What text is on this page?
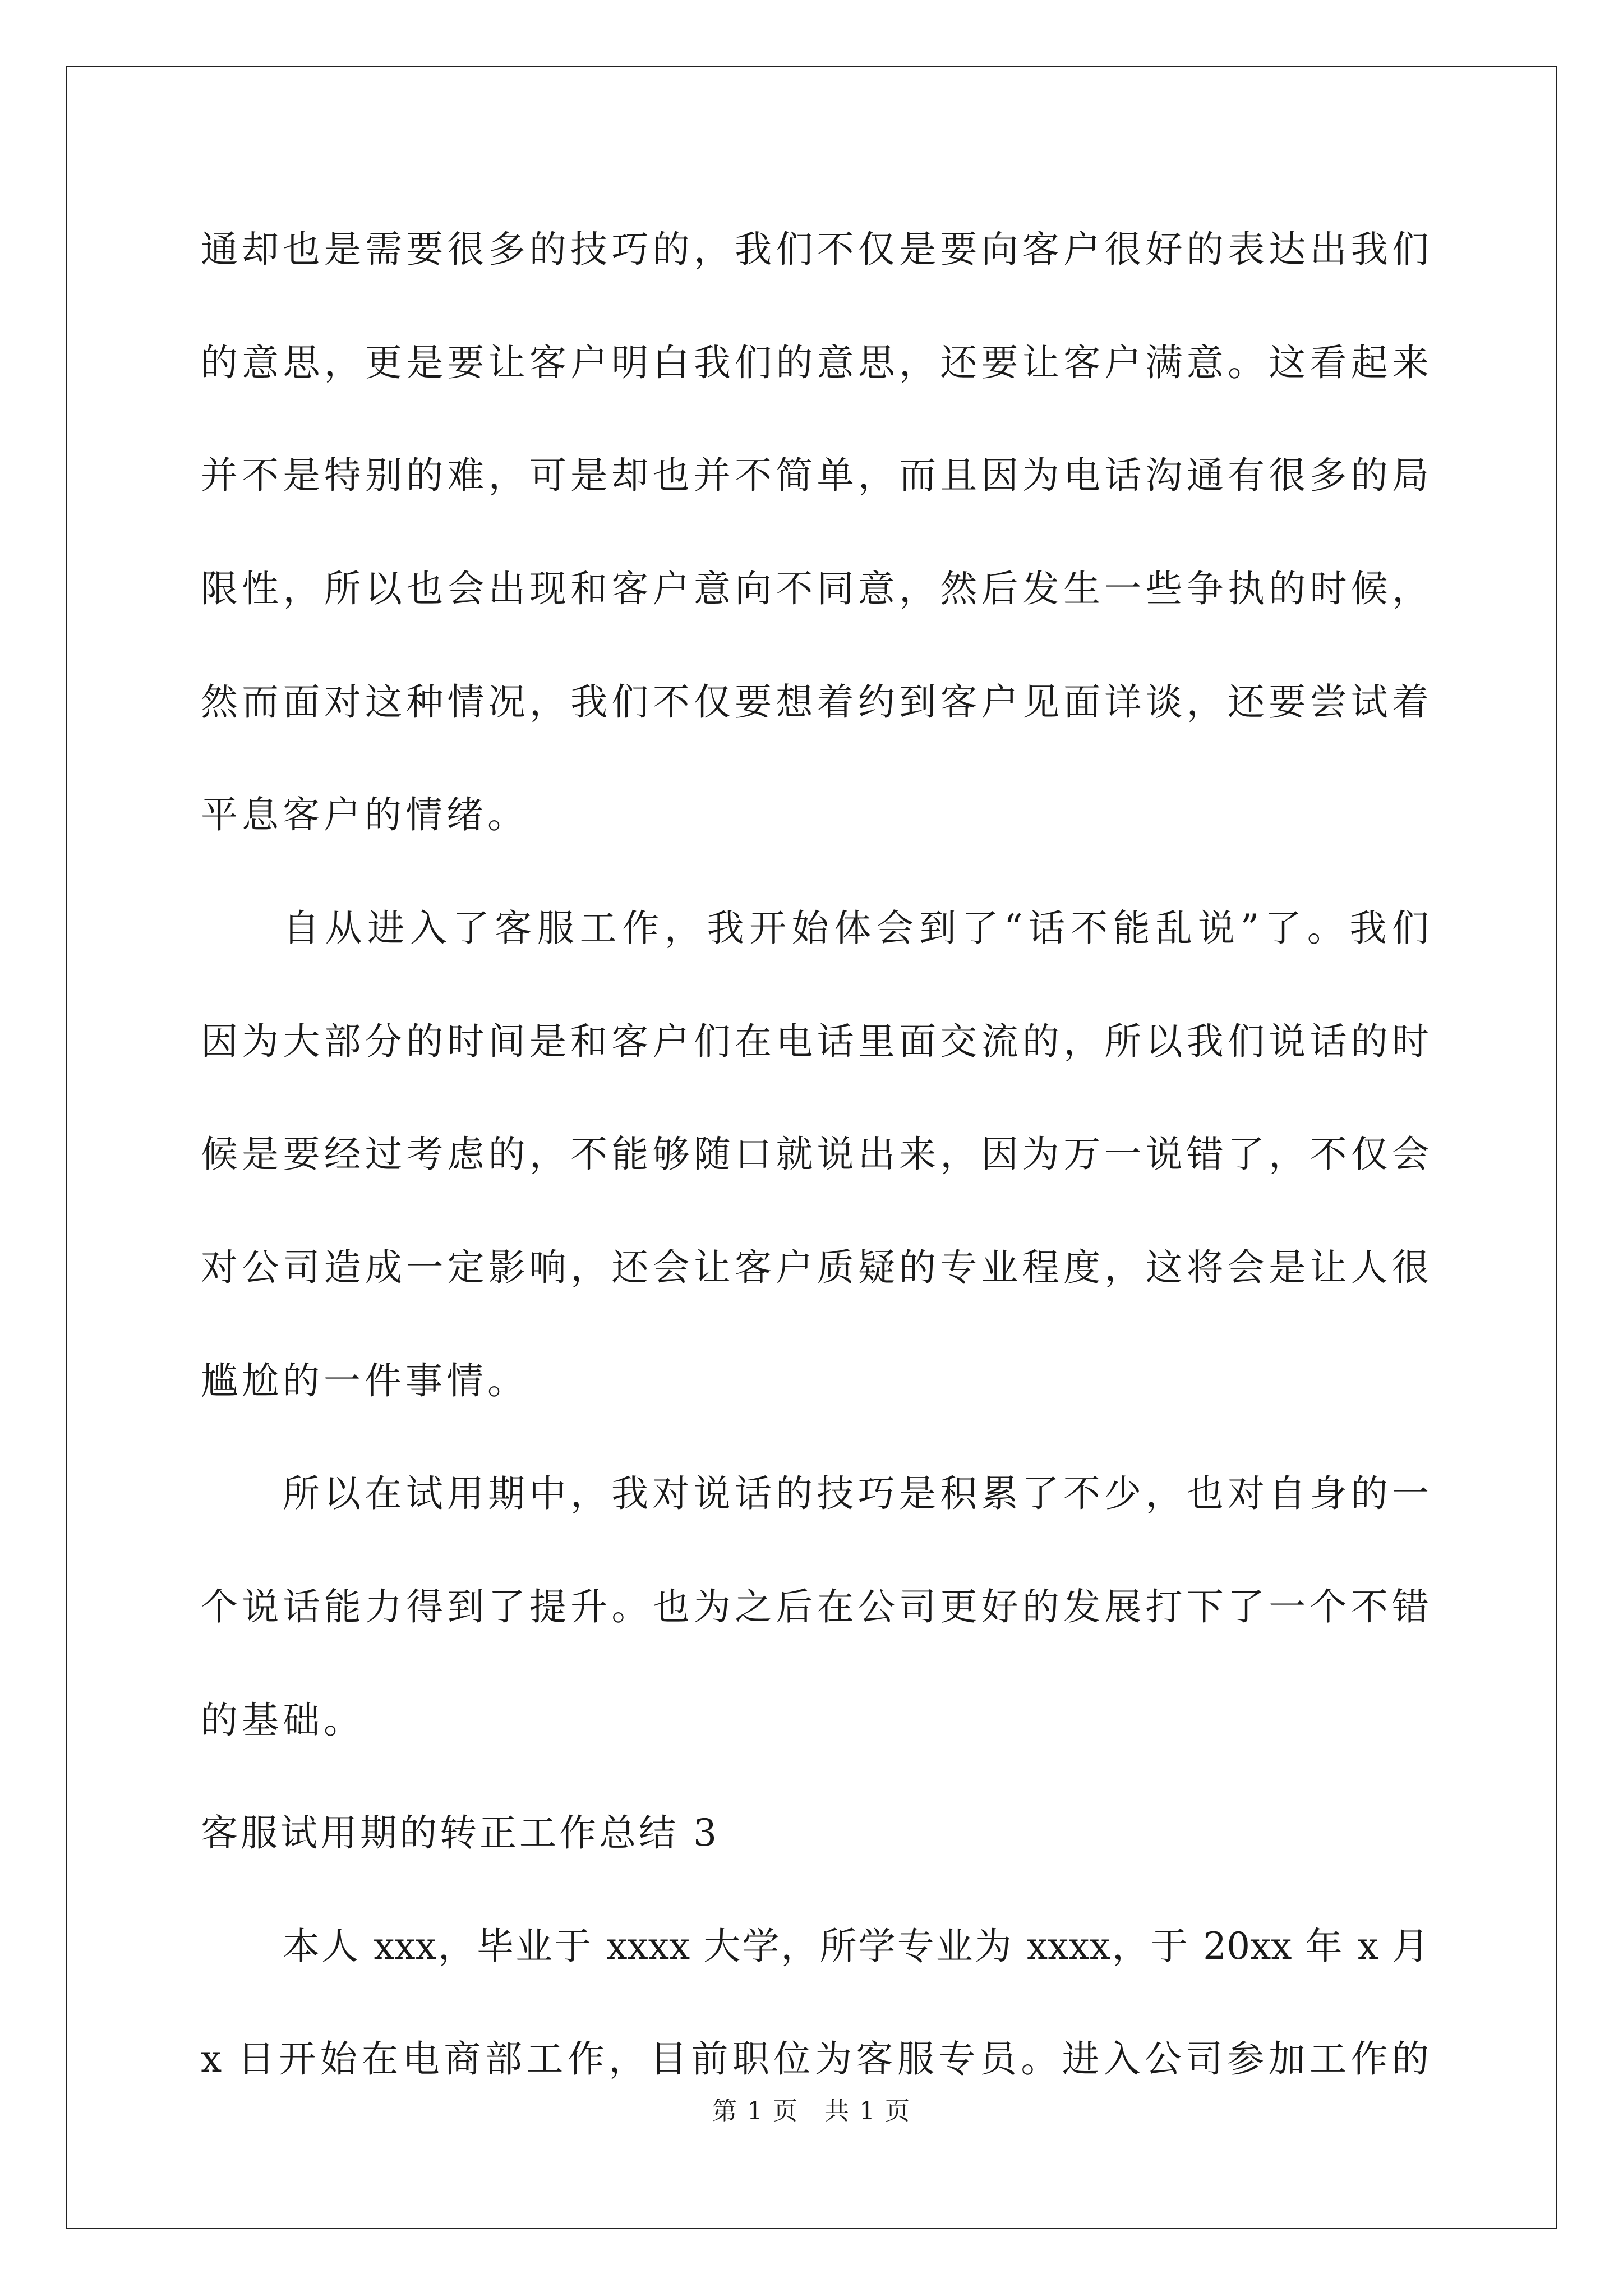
通却也是需要很多的技巧的，我们不仅是要向客户很好的表达出我们
的意思，更是要让客户明白我们的意思，还要让客户满意。这看起来
并不是特别的难，可是却也并不简单，而且因为电话沟通有很多的局
限性，所以也会出现和客户意向不同意，然后发生一些争执的时候，
然而面对这种情况，我们不仅要想着约到客户见面详谈，还要尝试着
平息客户的情绪。
自从进入了客服工作，我开始体会到了“话不能乱说”了。我们
因为大部分的时间是和客户们在电话里面交流的，所以我们说话的时
候是要经过考虑的，不能够随口就说出来，因为万一说错了，不仅会
对公司造成一定影响，还会让客户质疑的专业程度，这将会是让人很
尴尬的一件事情。
所以在试用期中，我对说话的技巧是积累了不少，也对自身的一
个说话能力得到了提升。也为之后在公司更好的发展打下了一个不错
的基础。
客服试用期的转正工作总结 3
本人 xxx，毕业于 xxxx 大学，所学专业为 xxxx，于 20xx 年 x 月
x 日开始在电商部工作，目前职位为客服专员。进入公司参加工作的
第 1 页　共 1 页
